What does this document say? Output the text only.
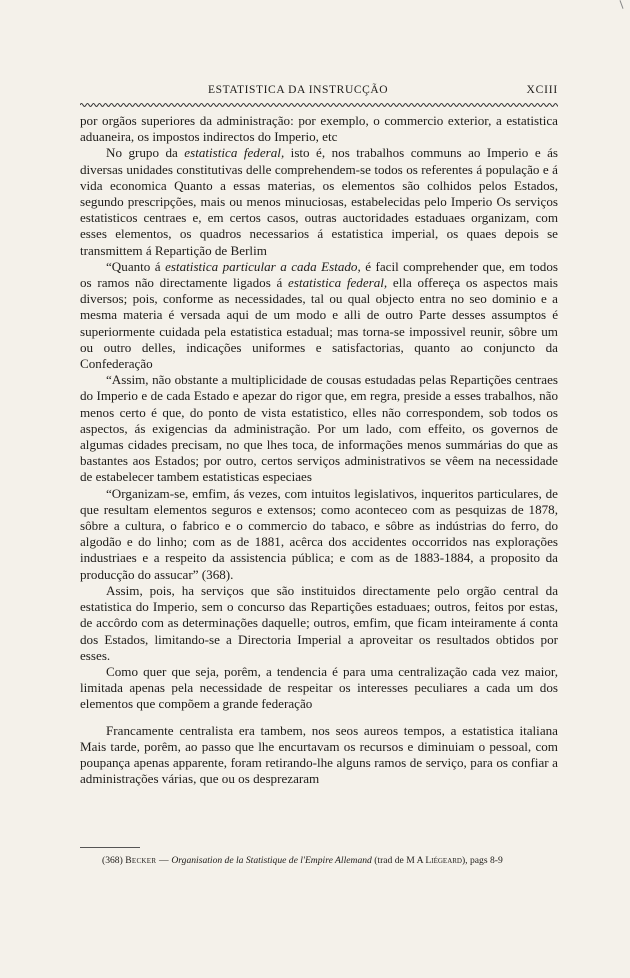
ESTATISTICA DA INSTRUCÇÃO	XCIII

por orgãos superiores da administração: por exemplo, o commercio exterior, a estatistica aduaneira, os impostos indirectos do Imperio, etc

No grupo da estatistica federal, isto é, nos trabalhos communs ao Imperio e ás diversas unidades constitutivas delle comprehendem-se todos os referentes á população e á vida economica Quanto a essas materias, os elementos são colhidos pelos Estados, segundo prescripções, mais ou menos minuciosas, estabelecidas pelo Imperio Os serviços estatisticos centraes e, em certos casos, outras auctoridades estaduaes organizam, com esses elementos, os quadros necessarios á estatistica imperial, os quaes depois se transmittem á Repartição de Berlim

“Quanto á estatistica particular a cada Estado, é facil comprehender que, em todos os ramos não directamente ligados á estatistica federal, ella offereça os aspectos mais diversos; pois, conforme as necessidades, tal ou qual objecto entra no seo dominio e a mesma materia é versada aqui de um modo e alli de outro Parte desses assumptos é superiormente cuidada pela estatistica estadual; mas torna-se impossivel reunir, sôbre um ou outro delles, indicações uniformes e satisfactorias, quanto ao conjuncto da Confederação

“Assim, não obstante a multiplicidade de cousas estudadas pelas Repartições centraes do Imperio e de cada Estado e apezar do rigor que, em regra, preside a esses trabalhos, não menos certo é que, do ponto de vista estatistico, elles não correspondem, sob todos os aspectos, ás exigencias da administração. Por um lado, com effeito, os governos de algumas cidades precisam, no que lhes toca, de informações menos summárias do que as bastantes aos Estados; por outro, certos serviços administrativos se vêem na necessidade de estabelecer tambem estatisticas especiaes

“Organizam-se, emfim, ás vezes, com intuitos legislativos, inqueritos particulares, de que resultam elementos seguros e extensos; como aconteceo com as pesquizas de 1878, sôbre a cultura, o fabrico e o commercio do tabaco, e sôbre as indústrias do ferro, do algodão e do linho; com as de 1881, acêrca dos accidentes occorridos nas explorações industriaes e a respeito da assistencia pública; e com as de 1883-1884, a proposito da producção do assucar” (368).

Assim, pois, ha serviços que são instituidos directamente pelo orgão central da estatistica do Imperio, sem o concurso das Repartições estaduaes; outros, feitos por estas, de accôrdo com as determinações daquelle; outros, emfim, que ficam inteiramente á conta dos Estados, limitando-se a Directoria Imperial a aproveitar os resultados obtidos por esses.

Como quer que seja, porêm, a tendencia é para uma centralização cada vez maior, limitada apenas pela necessidade de respeitar os interesses peculiares a cada um dos elementos que compõem a grande federação

Francamente centralista era tambem, nos seos aureos tempos, a estatistica italiana Mais tarde, porêm, ao passo que lhe encurtavam os recursos e diminuiam o pessoal, com poupança apenas apparente, foram retirando-lhe alguns ramos de serviço, para os confiar a administrações várias, que ou os desprezaram

(368) Becker — Organisation de la Statistique de l'Empire Allemand (trad de M A Liégeard), pags 8-9
